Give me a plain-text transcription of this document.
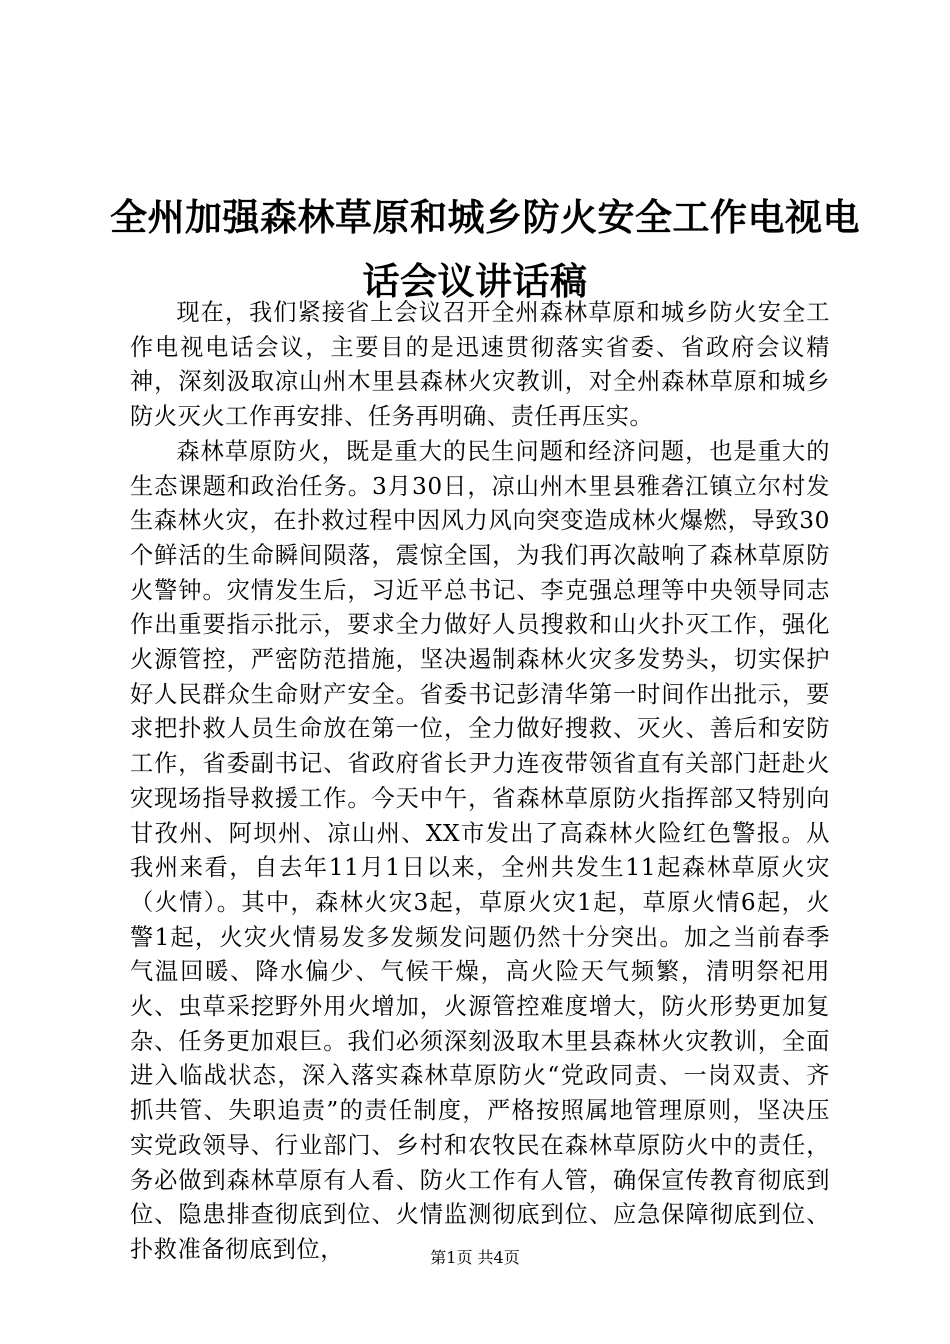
全州加强森林草原和城乡防火安全工作电视电
话会议讲话稿

现在，我们紧接省上会议召开全州森林草原和城乡防火安全工作电视电话会议，主要目的是迅速贯彻落实省委、省政府会议精神，深刻汲取凉山州木里县森林火灾教训，对全州森林草原和城乡防火灭火工作再安排、任务再明确、责任再压实。

森林草原防火，既是重大的民生问题和经济问题，也是重大的生态课题和政治任务。3月30日，凉山州木里县雅砻江镇立尔村发生森林火灾，在扑救过程中因风力风向突变造成林火爆燃，导致30个鲜活的生命瞬间陨落，震惊全国，为我们再次敲响了森林草原防火警钟。灾情发生后，习近平总书记、李克强总理等中央领导同志作出重要指示批示，要求全力做好人员搜救和山火扑灭工作，强化火源管控，严密防范措施，坚决遏制森林火灾多发势头，切实保护好人民群众生命财产安全。省委书记彭清华第一时间作出批示，要求把扑救人员生命放在第一位，全力做好搜救、灭火、善后和安防工作，省委副书记、省政府省长尹力连夜带领省直有关部门赶赴火灾现场指导救援工作。今天中午，省森林草原防火指挥部又特别向甘孜州、阿坝州、凉山州、XX市发出了高森林火险红色警报。从我州来看，自去年11月1日以来，全州共发生11起森林草原火灾（火情）。其中，森林火灾3起，草原火灾1起，草原火情6起，火警1起，火灾火情易发多发频发问题仍然十分突出。加之当前春季气温回暖、降水偏少、气候干燥，高火险天气频繁，清明祭祀用火、虫草采挖野外用火增加，火源管控难度增大，防火形势更加复杂、任务更加艰巨。我们必须深刻汲取木里县森林火灾教训，全面进入临战状态，深入落实森林草原防火“党政同责、一岗双责、齐抓共管、失职追责”的责任制度，严格按照属地管理原则，坚决压实党政领导、行业部门、乡村和农牧民在森林草原防火中的责任，务必做到森林草原有人看、防火工作有人管，确保宣传教育彻底到位、隐患排查彻底到位、火情监测彻底到位、应急保障彻底到位、扑救准备彻底到位，	第1页 共4页
